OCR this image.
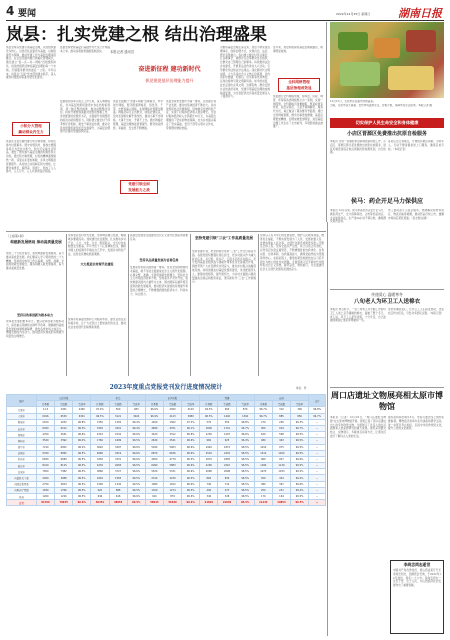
4 要闻	2022年12月25日 星期日	湖南日报
岚县：扎实党建之根 结出治理盛果
本报记者 通讯员
岚县坚持以党建引领基层治理，以党组织建设为核心，以党员队伍建设为基础，以制度建设为保障，推动党建工作与基层治理深度融合。在全县范围内推行网格化管理模式，通过建立“县—乡—村—网格”四级组织体系，将党的组织延伸到基层治理的每一个末梢，打通服务群众的最后一公里。今年以来，岚县以“五星”党支部创建为抓手，深入推进村级组织标准化规范化建设。
小积分大管理
撬动群众内生力
岚县在全县范围内推行积分制管理，将村民参与村级事务、遵守村规民约、参加志愿服务等行为量化为积分，积分可兑换生活用品，激发了群众参与基层治理的积极性和主动性。通过积分制管理，村民的精神面貌焕然一新，邻里关系更加和睦，乡风文明程度显著提升。各村结合实际制定积分细则，让群众看得见、摸得着、用得上，形成了人人参与、人人尽力、人人共享的良好局面。
县委坚持把抓基层打基础作为长远之计和固本之举，推动各项政策措施落地落实。
奋进新征程 建功新时代
抓党建促基层治理能力提升
县委组织部牵头成立工作专班，深入调研摸底，针对基层党组织建设中存在的短板弱项，逐一制定整改措施，推动问题整改到位。持续开展软弱涣散村党组织整顿工作，选优配强村党组织书记，全面提升村级组织的政治功能和组织力。同时建立健全村干部考核评价机制，激发干事创业热情，推动全县村级组织建设质量全面提升，为基层治理现代化提供坚强组织保证。
岚县全面推行“党建+网格”治理模式，科学划分网格，配齐配强网格员，将党员、干部、志愿者编入网格，实现网格化管理全覆盖。网格员每日走访群众，收集社情民意，及时发现和化解矛盾纠纷，做到小事不出网格、大事不出村、矛盾不上交。通过网格化管理，基层治理效能显著提升，群众的获得感、幸福感、安全感不断增强。
党建引领全面
发展能力之战
岚县坚持把发展作为第一要务，以党建引领产业发展，推动村集体经济不断壮大。各村党组织结合资源禀赋，因地制宜发展特色产业，实现了村集体经济收入稳步增长。全县村集体经济收入全部超过10万元，为基层治理提供了坚实的物质保障，也为乡村振兴奠定了坚实基础。党员干部带头领办合作社，带领群众增收致富。
为推动基层治理走深走实，岚县不断完善治理体系，创新治理方式，实现自治、法治、德治有机融合。各村建立健全村民议事会、红白理事会、道德评议会等群众自治组织，让群众自己管理自己的事务。持续推进法治乡村建设，开展普法宣传进村入户活动，引导群众学法知法守法用法。深化新时代文明实践，大力弘扬社会主义核心价值观，评选表彰好婆婆、好媳妇、好邻里等先进典型，以身边榜样引领文明新风尚。如今的岚县，处处呈现出乡风文明、治理有效、群众安居乐业的美好景象，党建引领基层治理的成效持续显现，为全县经济社会高质量发展注入了强劲动力。
近年来，岚县积极探索基层治理新路径，取得明显成效。
全科网格管理
基层治理成效显
岚县推行全科网格管理，将综治、民政、城管、环保等各类网格整合为一张网，实现一网统管。全科网格员身兼数职，既是政策宣传员、信息采集员，又是矛盾调解员、服务代办员，真正做到了服务群众零距离。通过全科网格管理，群众办事更加便捷，基层治理更加精细，治理成效更加明显，岚县基层治理工作走在了全市前列，多项经验做法被推广。
12月21日，太原市民在超市选购蔬菜。
当前，太原市各大商超、农贸市场货源充足，价格平稳，保障市民生活需求。本报记者 摄
切实保护人民生命安全和身体健康
小店区晋源区免费推出抗原自检服务
本报讯 为进一步做好新冠病毒感染防控工作，小店区、晋源区即日起免费推出抗原自检服务，居民可就近到指定地点领取抗原检测试剂，自行检测。
各社区设立领取点，方便居民就近领取，对老年人、行动不便者提供送上门服务，确保应检尽检。（本报记者）
侯马：药企开足马力保供应
本报讯 12月以来，侯马市各医药企业开足马力、满负荷生产，全力保障退烧、止咳等药品供应。企业加班加点，生产线24小时不停运转，确保群众用药需求。
市工信局派专人驻企服务，协调解决原材料供应、物流运输等难题，推动药品尽快上市，缓解市场供应紧张局面。（张志刚 赵倩）
传递爱心 温暖寒冬
八旬老人为环卫工人送棉衣
本报讯 寒冬时节，一位八旬老人为辛勤工作的环卫工人送上亲手缝制的棉衣，温暖了整个冬天。老人说，环卫工人起早贪黑，十分辛苦，自己能做的就是让他们穿得暖和一些。
这份朴素的爱心，让环卫工人们深受感动，也在社区传为佳话，引发众多居民点赞。（本报记者）
周口店遗址文物展亮相太原市博物馆
本报讯（记者）12月22日，“周口店遗址文物展”在太原市博物馆开展。展览汇集了周口店遗址出土的多件珍贵文物，全面展示了北京人的生活面貌和人类起源研究的重大成果。展览采用图文结合、实物展示、多媒体互动等方式，让观众沉浸式了解远古人类的生活。
展览将持续至明年3月，市民可通过线上预约免费参观。博物馆还将举办系列讲座和研学活动，进一步普及考古知识，弘扬中华优秀传统文化，提升公众的文化素养。
李尚忠同志逝世
中国共产党优秀党员、原山西省某厅厅长李尚忠同志，因病医治无效，于2022年12月逝世，享年八十六岁。李尚忠同志一生忠于党、忠于人民，为山西经济社会发展作出了重要贡献。
（上接第1版）
构建新发展格局 推动高质量发展
党的二十大报告指出，加快构建新发展格局，着力推动高质量发展。我们要深入学习贯彻党的二十大精神，坚持稳中求进工作总基调，完整、准确、全面贯彻新发展理念，服务和融入新发展格局，着力推动高质量发展。
坚持以改革创新为根本动力
改革是发展的根本动力。要以改革创新为根本动力，深化重点领域和关键环节改革，破除制约高质量发展的体制机制障碍，激发各类市场主体活力，增强发展的内生动力，推动经济实现质的有效提升和量的合理增长。
坚持农业农村优先发展，坚持城乡融合发展，畅通城乡要素流动。加快建设农业强国，扎实推动乡村产业、人才、文化、生态、组织振兴，全方位夯实粮食安全根基，牢牢守住十八亿亩耕地红线，确保中国人的饭碗牢牢端在自己手中，发展乡村特色产业，拓宽农民增收致富渠道。
大力推进农村现代化建设
统筹乡村基础设施和公共服务布局，建设宜居宜业和美乡村，让广大农民过上更加美好的生活，推动农业农村现代化取得新进展。
高质量发展是全面建设社会主义现代化国家的首要任务。
坚持以高质量发展为首要任务
发展是党执政兴国的第一要务。没有坚实的物质技术基础，就不可能全面建成社会主义现代化强国。必须完整、准确、全面贯彻新发展理念，坚持社会主义市场经济改革方向，坚持高水平对外开放，加快构建以国内大循环为主体、国内国际双循环相互促进的新发展格局，推动经济实现质的有效提升和量的合理增长，不断增强我国的经济实力、科技实力、综合国力。
坚持党建引领“三农”工作高质量发展
坚持党建引领，把党的领导贯穿“三农”工作全过程各方面。各级党组织要强化责任担当，把乡村振兴作为重大政治任务，书记抓、抓书记，五级书记抓乡村振兴。充分发挥基层党组织战斗堡垒作用和党员先锋模范作用，团结带领广大农民群众共同奋斗，推动乡村振兴战略落地见效。持续加强农村基层党组织建设，选优配强带头人，建强村级组织，提升组织力，为乡村全面振兴提供坚强政治保证和组织保证，谱写新时代“三农”工作新篇章。
坚持以人民为中心的发展思想，维护人民根本利益，增进民生福祉，不断实现发展为了人民、发展依靠人民、发展成果由人民共享，让现代化建设成果更多更公平惠及全体人民。坚持全面从严治党，持之以恒正风肃纪，以零容忍态度反腐惩恶，不断增强党的自我净化、自我完善、自我革新、自我提高能力，确保党始终成为坚强领导核心。在新征程上，要更加紧密地团结在以习近平同志为核心的党中央周围，全面贯彻习近平新时代中国特色社会主义思想，踔厉奋发、勇毅前行，为全面建设社会主义现代化国家而团结奋斗。
2023年度重点党报党刊发行进度情况统计	单位：份
地区	人民日报			求是			山西日报			党建			前进			合计
	任务数	完成数	完成率	任务数	完成数	完成率	任务数	完成数	完成率	任务数	完成数	完成率	任务数	完成数	完成率	
太原市	11.5	2451	2400	97.9%	500	483	96.6%	4360	4120	94.5%	900	870	96.7%	310	300	96.8%
大同市	6916	6530	6301	96.5%	3121	3024	96.9%	4123	3980	96.5%	1440	1392	96.7%	885	856	96.7%
阳泉市	2100	2032	96.8%	1350	1302	96.4%	1400	1362	97.3%	570	552	96.8%	270	260	96.3%	--
长治市	6450	6212	96.3%	3320	3201	96.4%	4890	4701	96.1%	1800	1741	96.7%	950	919	96.7%	--
晋城市	4700	4541	96.6%	2310	2232	96.6%	3420	3312	96.8%	1250	1207	96.6%	620	598	96.5%	--
朔州市	3520	3392	96.4%	1760	1699	96.5%	2630	2541	96.6%	960	925	96.4%	480	463	96.5%	--
晋中市	7210	6952	96.4%	3620	3497	96.6%	5180	5003	96.6%	1940	1872	96.5%	1010	975	96.5%	--
运城市	9320	8995	96.5%	4680	4519	96.6%	6870	6636	96.6%	2520	2432	96.5%	1310	1264	96.5%	--
忻州市	6830	6589	96.5%	3450	3331	96.6%	4950	4779	96.5%	1870	1805	96.5%	960	927	96.6%	--
临汾市	8410	8115	96.5%	4230	4083	96.5%	6090	5883	96.6%	2290	2210	96.5%	1180	1139	96.5%	--
吕梁市	7650	7382	96.5%	3860	3727	96.6%	5520	5331	96.6%	2080	2008	96.5%	1070	1033	96.5%	--
省直机关工委	3200	3088	96.5%	1640	1583	96.5%	2310	2230	96.5%	860	830	96.5%	450	434	96.4%	--
省国资委党委	2750	2654	96.5%	1390	1342	96.5%	1980	1912	96.6%	740	714	96.5%	380	367	96.6%	--
省教育厅党组	1830	1766	96.5%	920	888	96.5%	1320	1274	96.5%	490	473	96.5%	250	241	96.4%	--
其他	1260	1216	96.5%	640	618	96.6%	910	879	96.6%	340	328	96.5%	170	164	96.5%	--
合计	81706	78935	96.6%	40351	38955	96.5%	58643	56640	96.6%	21810	21049	96.5%	11243	10854	96.5%	--
